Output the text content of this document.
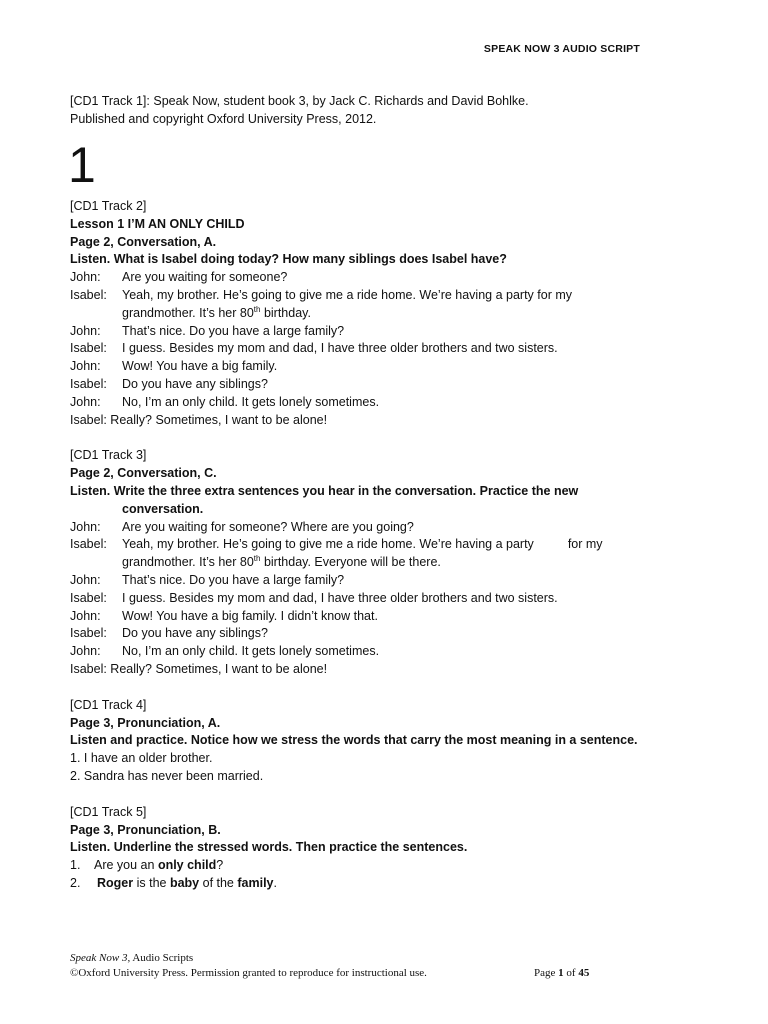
SPEAK NOW 3 AUDIO SCRIPT
[CD1 Track 1]: Speak Now, student book 3, by Jack C. Richards and David Bohlke.
Published and copyright Oxford University Press, 2012.
1
[CD1 Track 2]
Lesson 1 I’M AN ONLY CHILD
Page 2, Conversation, A.
Listen. What is Isabel doing today? How many siblings does Isabel have?
John:	Are you waiting for someone?
Isabel:	Yeah, my brother. He’s going to give me a ride home. We’re having a party for my
grandmother. It’s her 80th birthday.
John:	That’s nice. Do you have a large family?
Isabel:	I guess. Besides my mom and dad, I have three older brothers and two sisters.
John:	Wow! You have a big family.
Isabel:	Do you have any siblings?
John:	No, I’m an only child. It gets lonely sometimes.
Isabel: Really? Sometimes, I want to be alone!
[CD1 Track 3]
Page 2, Conversation, C.
Listen. Write the three extra sentences you hear in the conversation. Practice the new
conversation.
John:	Are you waiting for someone? Where are you going?
Isabel:	Yeah, my brother. He’s going to give me a ride home. We’re having a party	for my
grandmother. It’s her 80th birthday. Everyone will be there.
John:	That’s nice. Do you have a large family?
Isabel:	I guess. Besides my mom and dad, I have three older brothers and two sisters.
John:	Wow! You have a big family. I didn’t know that.
Isabel:	Do you have any siblings?
John:	No, I’m an only child. It gets lonely sometimes.
Isabel: Really? Sometimes, I want to be alone!
[CD1 Track 4]
Page 3, Pronunciation, A.
Listen and practice. Notice how we stress the words that carry the most meaning in a sentence.
1. I have an older brother.
2. Sandra has never been married.
[CD1 Track 5]
Page 3, Pronunciation, B.
Listen. Underline the stressed words. Then practice the sentences.
1. Are you an only child?
2. Roger is the baby of the family.
Speak Now 3, Audio Scripts
©Oxford University Press. Permission granted to reproduce for instructional use.	Page 1 of 45
